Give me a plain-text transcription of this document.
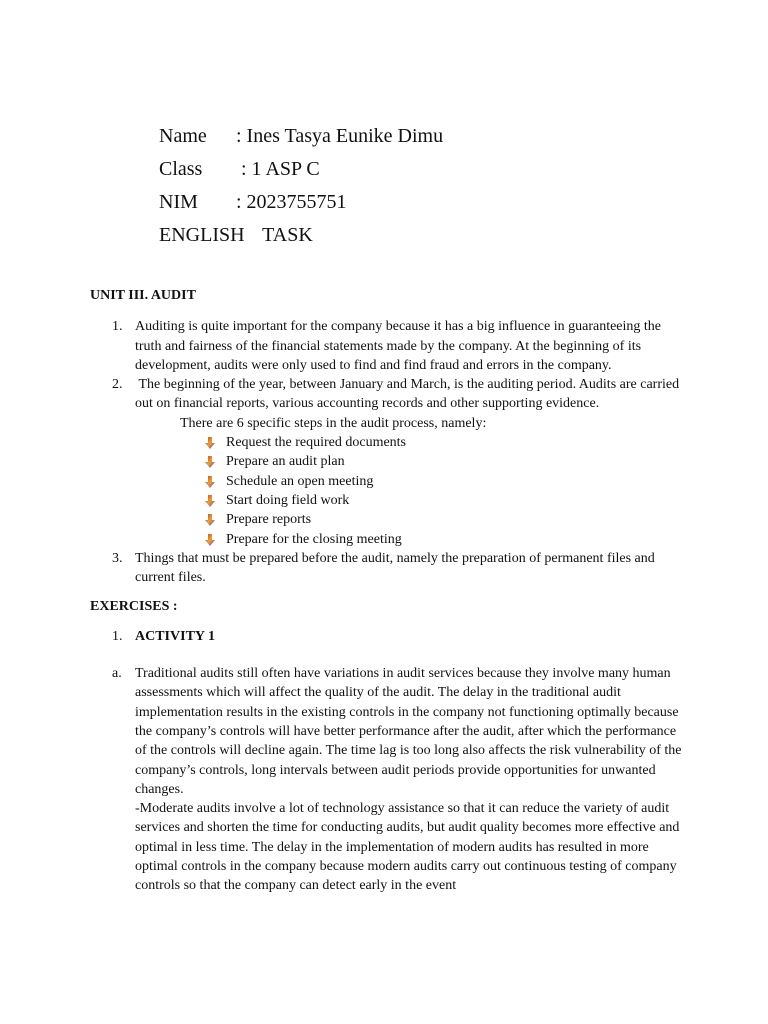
Name	: Ines Tasya Eunike Dimu
Class	: 1 ASP C
NIM	: 2023755751
ENGLISH  TASK
UNIT III. AUDIT
1. Auditing is quite important for the company because it has a big influence in guaranteeing the truth and fairness of the financial statements made by the company. At the beginning of its development, audits were only used to find and find fraud and errors in the company.
2. The beginning of the year, between January and March, is the auditing period. Audits are carried out on financial reports, various accounting records and other supporting evidence.
There are 6 specific steps in the audit process, namely:
Request the required documents
Prepare an audit plan
Schedule an open meeting
Start doing field work
Prepare reports
Prepare for the closing meeting
3. Things that must be prepared before the audit, namely the preparation of permanent files and current files.
EXERCISES :
1. ACTIVITY 1
a. Traditional audits still often have variations in audit services because they involve many human assessments which will affect the quality of the audit. The delay in the traditional audit implementation results in the existing controls in the company not functioning optimally because the company’s controls will have better performance after the audit, after which the performance of the controls will decline again. The time lag is too long also affects the risk vulnerability of the company’s controls, long intervals between audit periods provide opportunities for unwanted changes.

-Moderate audits involve a lot of technology assistance so that it can reduce the variety of audit services and shorten the time for conducting audits, but audit quality becomes more effective and optimal in less time. The delay in the implementation of modern audits has resulted in more optimal controls in the company because modern audits carry out continuous testing of company controls so that the company can detect early in the event
